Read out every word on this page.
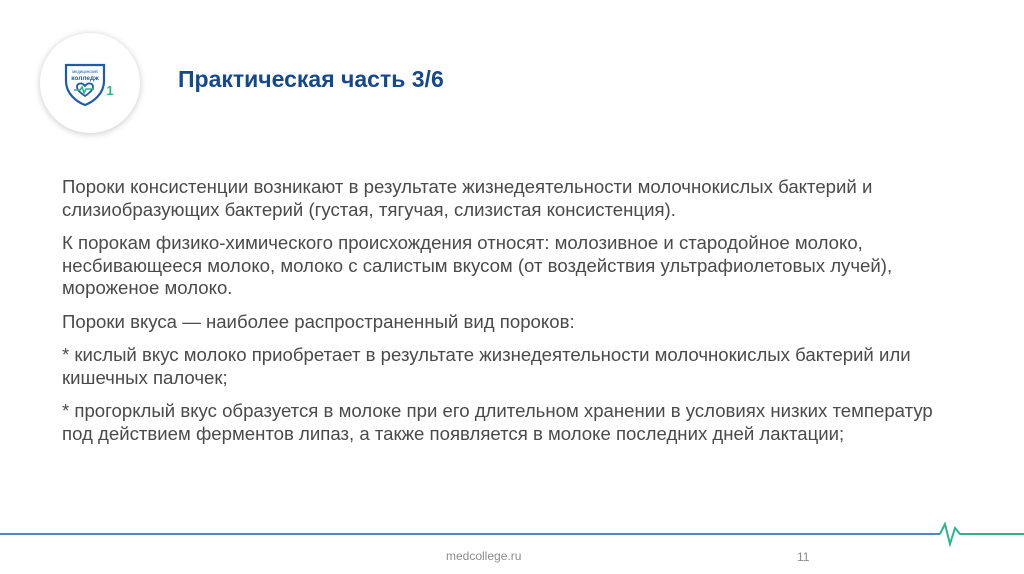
медицинский
колледж
1	Практическая часть 3/6

Пороки консистенции возникают в результате жизнедеятельности молочнокислых бактерий и слизиобразующих бактерий (густая, тягучая, слизистая консистенция).

К порокам физико-химического происхождения относят: молозивное и стародойное молоко, несбивающееся молоко, молоко с салистым вкусом (от воздействия ультрафиолетовых лучей), мороженое молоко.

Пороки вкуса — наиболее распространенный вид пороков:

* кислый вкус молоко приобретает в результате жизнедеятельности молочнокислых бактерий или кишечных палочек;

* прогорклый вкус образуется в молоке при его длительном хранении в условиях низких температур под действием ферментов липаз, а также появляется в молоке последних дней лактации;

medcollege.ru	11
